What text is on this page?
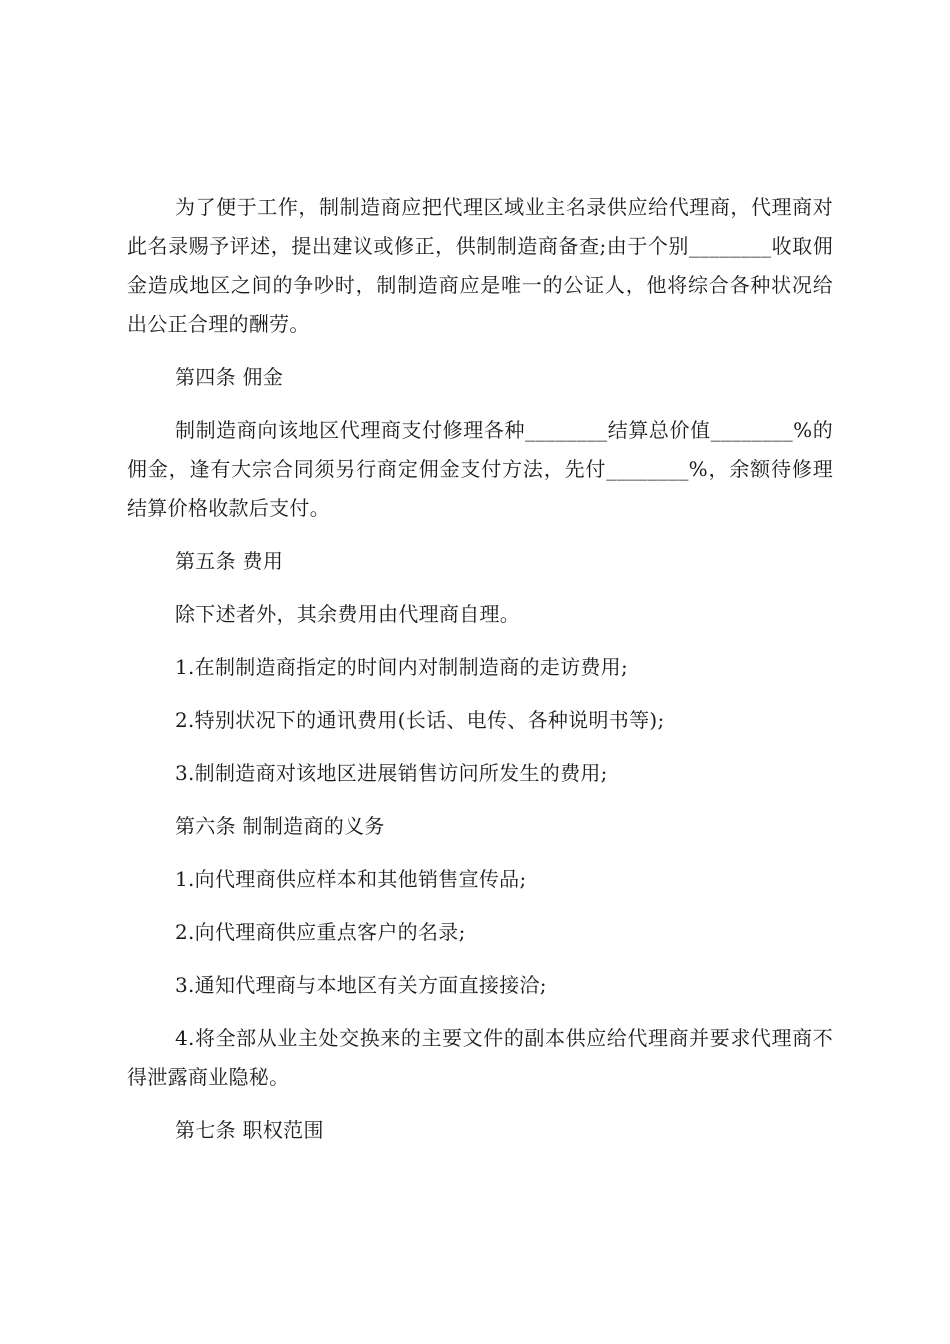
为了便于工作，制制造商应把代理区域业主名录供应给代理商，代理商对此名录赐予评述，提出建议或修正，供制制造商备查;由于个别________收取佣金造成地区之间的争吵时，制制造商应是唯一的公证人，他将综合各种状况给出公正合理的酬劳。

第四条 佣金

制制造商向该地区代理商支付修理各种________结算总价值________%的佣金，逢有大宗合同须另行商定佣金支付方法，先付________%，余额待修理结算价格收款后支付。

第五条 费用

除下述者外，其余费用由代理商自理。

1.在制制造商指定的时间内对制制造商的走访费用;

2.特别状况下的通讯费用(长话、电传、各种说明书等);

3.制制造商对该地区进展销售访问所发生的费用;

第六条 制制造商的义务

1.向代理商供应样本和其他销售宣传品;

2.向代理商供应重点客户的名录;

3.通知代理商与本地区有关方面直接接洽;

4.将全部从业主处交换来的主要文件的副本供应给代理商并要求代理商不得泄露商业隐秘。

第七条 职权范围
